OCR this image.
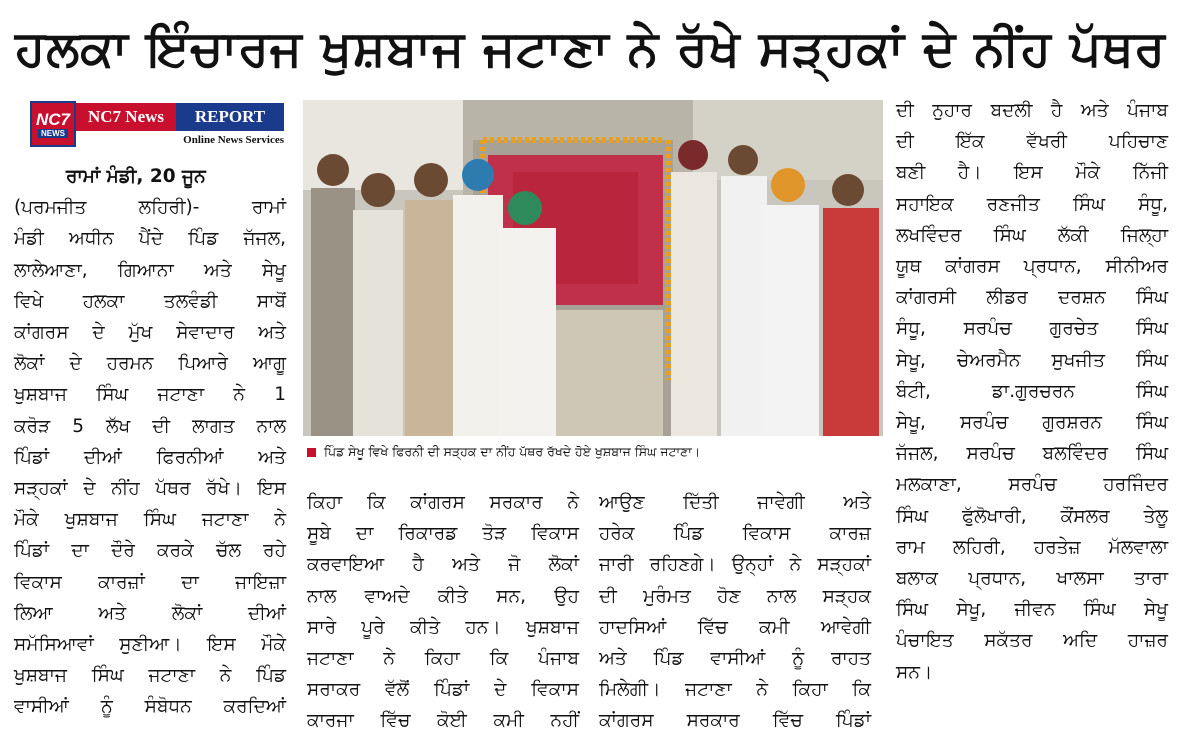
ਹਲਕਾ ਇੰਚਾਰਜ ਖੁਸ਼ਬਾਜ ਜਟਾਣਾ ਨੇ ਰੱਖੇ ਸੜ੍ਹਕਾਂ ਦੇ ਨੀਂਹ ਪੱਥਰ
NC7
NEWS
NC7 News	REPORT
Online News Services
ਰਾਮਾਂ ਮੰਡੀ, 20 ਜੂਨ
(ਪਰਮਜੀਤ ਲਹਿਰੀ)- ਰਾਮਾਂ
ਮੰਡੀ ਅਧੀਨ ਪੈਂਦੇ ਪਿੰਡ ਜੱਜਲ,
ਲਾਲੇਆਣਾ, ਗਿਆਨਾ ਅਤੇ ਸੇਖੂ
ਵਿਖੇ ਹਲਕਾ ਤਲਵੰਡੀ ਸਾਬੋਂ
ਕਾਂਗਰਸ ਦੇ ਮੁੱਖ ਸੇਵਾਦਾਰ ਅਤੇ
ਲੋਕਾਂ ਦੇ ਹਰਮਨ ਪਿਆਰੇ ਆਗੂ
ਖੁਸ਼ਬਾਜ ਸਿੰਘ ਜਟਾਣਾ ਨੇ 1
ਕਰੋੜ 5 ਲੱਖ ਦੀ ਲਾਗਤ ਨਾਲ
ਪਿੰਡਾਂ ਦੀਆਂ ਫਿਰਨੀਆਂ ਅਤੇ
ਸੜ੍ਹਕਾਂ ਦੇ ਨੀਂਹ ਪੱਥਰ ਰੱਖੇ। ਇਸ
ਮੌਕੇ ਖੁਸ਼ਬਾਜ ਸਿੰਘ ਜਟਾਣਾ ਨੇ
ਪਿੰਡਾਂ ਦਾ ਦੌਰੇ ਕਰਕੇ ਚੱਲ ਰਹੇ
ਵਿਕਾਸ ਕਾਰਜ਼ਾਂ ਦਾ ਜਾਇਜ਼ਾ
ਲਿਆ ਅਤੇ ਲੋਕਾਂ ਦੀਆਂ
ਸਮੱਸਿਆਵਾਂ ਸੁਣੀਆ। ਇਸ ਮੌਕੇ
ਖੁਸ਼ਬਾਜ ਸਿੰਘ ਜਟਾਣਾ ਨੇ ਪਿੰਡ
ਵਾਸੀਆਂ ਨੂੰ ਸੰਬੋਧਨ ਕਰਦਿਆਂ
ਪਿੰਡ ਸੇਖੂ ਵਿਖੇ ਫਿਰਨੀ ਦੀ ਸੜ੍ਹਕ ਦਾ ਨੀਂਹ ਪੱਥਰ ਰੱਖਦੇ ਹੋਏ ਖੁਸ਼ਬਾਜ ਸਿੰਘ ਜਟਾਣਾ।
ਕਿਹਾ ਕਿ ਕਾਂਗਰਸ ਸਰਕਾਰ ਨੇ
ਸੂਬੇ ਦਾ ਰਿਕਾਰਡ ਤੋੜ ਵਿਕਾਸ
ਕਰਵਾਇਆ ਹੈ ਅਤੇ ਜੋ ਲੋਕਾਂ
ਨਾਲ ਵਾਅਦੇ ਕੀਤੇ ਸਨ, ਉਹ
ਸਾਰੇ ਪੂਰੇ ਕੀਤੇ ਹਨ। ਖੁਸ਼ਬਾਜ
ਜਟਾਣਾ ਨੇ ਕਿਹਾ ਕਿ ਪੰਜਾਬ
ਸਰਾਕਰ ਵੱਲੋਂ ਪਿੰਡਾਂ ਦੇ ਵਿਕਾਸ
ਕਾਰਜਾ ਵਿੱਚ ਕੋਈ ਕਮੀ ਨਹੀਂ
ਆਉਣ ਦਿੱਤੀ ਜਾਵੇਗੀ ਅਤੇ
ਹਰੇਕ ਪਿੰਡ ਵਿਕਾਸ ਕਾਰਜ਼
ਜਾਰੀ ਰਹਿਣਗੇ। ਉਨ੍ਹਾਂ ਨੇ ਸੜ੍ਹਕਾਂ
ਦੀ ਮੁਰੰਮਤ ਹੋਣ ਨਾਲ ਸੜ੍ਹਕ
ਹਾਦਸਿਆਂ ਵਿੱਚ ਕਮੀ ਆਵੇਗੀ
ਅਤੇ ਪਿੰਡ ਵਾਸੀਆਂ ਨੂੰ ਰਾਹਤ
ਮਿਲੇਗੀ। ਜਟਾਣਾ ਨੇ ਕਿਹਾ ਕਿ
ਕਾਂਗਰਸ ਸਰਕਾਰ ਵਿੱਚ ਪਿੰਡਾਂ
ਦੀ ਨੁਹਾਰ ਬਦਲੀ ਹੈ ਅਤੇ ਪੰਜਾਬ
ਦੀ ਇੱਕ ਵੱਖਰੀ ਪਹਿਚਾਣ
ਬਣੀ ਹੈ। ਇਸ ਮੌਕੇ ਨਿੱਜੀ
ਸਹਾਇਕ ਰਣਜੀਤ ਸਿੰਘ ਸੰਧੂ,
ਲਖਵਿੰਦਰ ਸਿੰਘ ਲੱਕੀ ਜਿਲ੍ਹਾ
ਯੂਥ ਕਾਂਗਰਸ ਪ੍ਰਧਾਨ, ਸੀਨੀਅਰ
ਕਾਂਗਰਸੀ ਲੀਡਰ ਦਰਸ਼ਨ ਸਿੰਘ
ਸੰਧੂ, ਸਰਪੰਚ ਗੁਰਚੇਤ ਸਿੰਘ
ਸੇਖੂ, ਚੇਅਰਮੈਨ ਸੁਖਜੀਤ ਸਿੰਘ
ਬੰਟੀ, ਡਾ.ਗੁਰਚਰਨ ਸਿੰਘ
ਸੇਖੂ, ਸਰਪੰਚ ਗੁਰਸ਼ਰਨ ਸਿੰਘ
ਜੱਜਲ, ਸਰਪੰਚ ਬਲਵਿੰਦਰ ਸਿੰਘ
ਮਲਕਾਣਾ, ਸਰਪੰਚ ਹਰਜਿੰਦਰ
ਸਿੰਘ ਫੁੱਲੋਖਾਰੀ, ਕੌਂਸਲਰ ਤੇਲੂ
ਰਾਮ ਲਹਿਰੀ, ਹਰਤੇਜ਼ ਮੱਲਵਾਲਾ
ਬਲਾਕ ਪ੍ਰਧਾਨ, ਖਾਲਸਾ ਤਾਰਾ
ਸਿੰਘ ਸੇਖੂ, ਜੀਵਨ ਸਿੰਘ ਸੇਖੂ
ਪੰਚਾਇਤ ਸਕੱਤਰ ਅਦਿ ਹਾਜ਼ਰ
ਸਨ।
